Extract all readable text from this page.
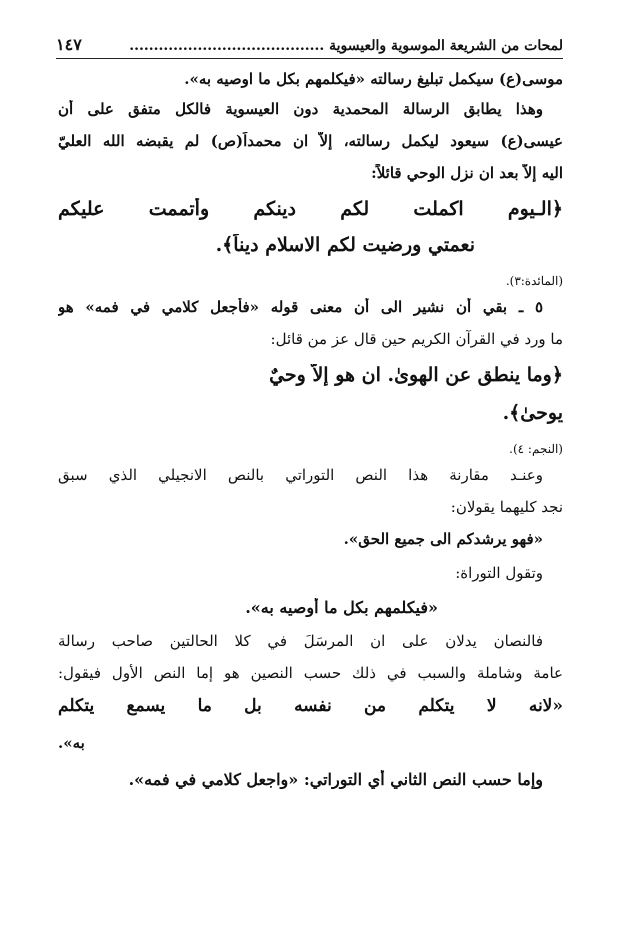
لمحات من الشريعة الموسوية والعيسوية ........................................
١٤٧
موسى(ع) سيكمل تبليغ رسالته «فيكلمهم بكل ما اوصيه به».
وهذا يطابق الرسالة المحمدية دون العيسوية فالكل متفق على أن
عيسى(ع) سيعود ليكمل رسالته، إلاّ ان محمداً(ص) لم يقبضه الله العليّ
اليه إلاّ بعد ان نزل الوحي قائلاً:
﴿الـيوم اكملت لكم دينكم وأتممت عليكم
نعمتي ورضيت لكم الاسلام ديناً﴾.
(المائدة:٣).
٥ ـ بقي أن نشير الى أن معنى قوله «فأجعل كلامي في فمه» هو
ما ورد في القرآن الكريم حين قال عز من قائل:
﴿وما ينطق عن الهوىٰ. ان هو إلاّ وحيٌ
يوحىٰ﴾.
(النجم: ٤).
وعنـد مقارنة هذا النص التوراتي بالنص الانجيلي الذي سبق
نجد كليهما يقولان:
«فهو يرشدكم الى جميع الحق».
وتقول التوراة:
«فيكلمهم بكل ما أُوصيه به».
فالنصان يدلان على ان المرسَلَ في كلا الحالتين صاحب رسالة
عامة وشاملة والسبب في ذلك حسب النصين هو إما النص الأول فيقول:
«لانه لا يتكلم من نفسه بل ما يسمع يتكلم
به».
وإما حسب النص الثاني أي التوراتي: «واجعل كلامي في فمه».
